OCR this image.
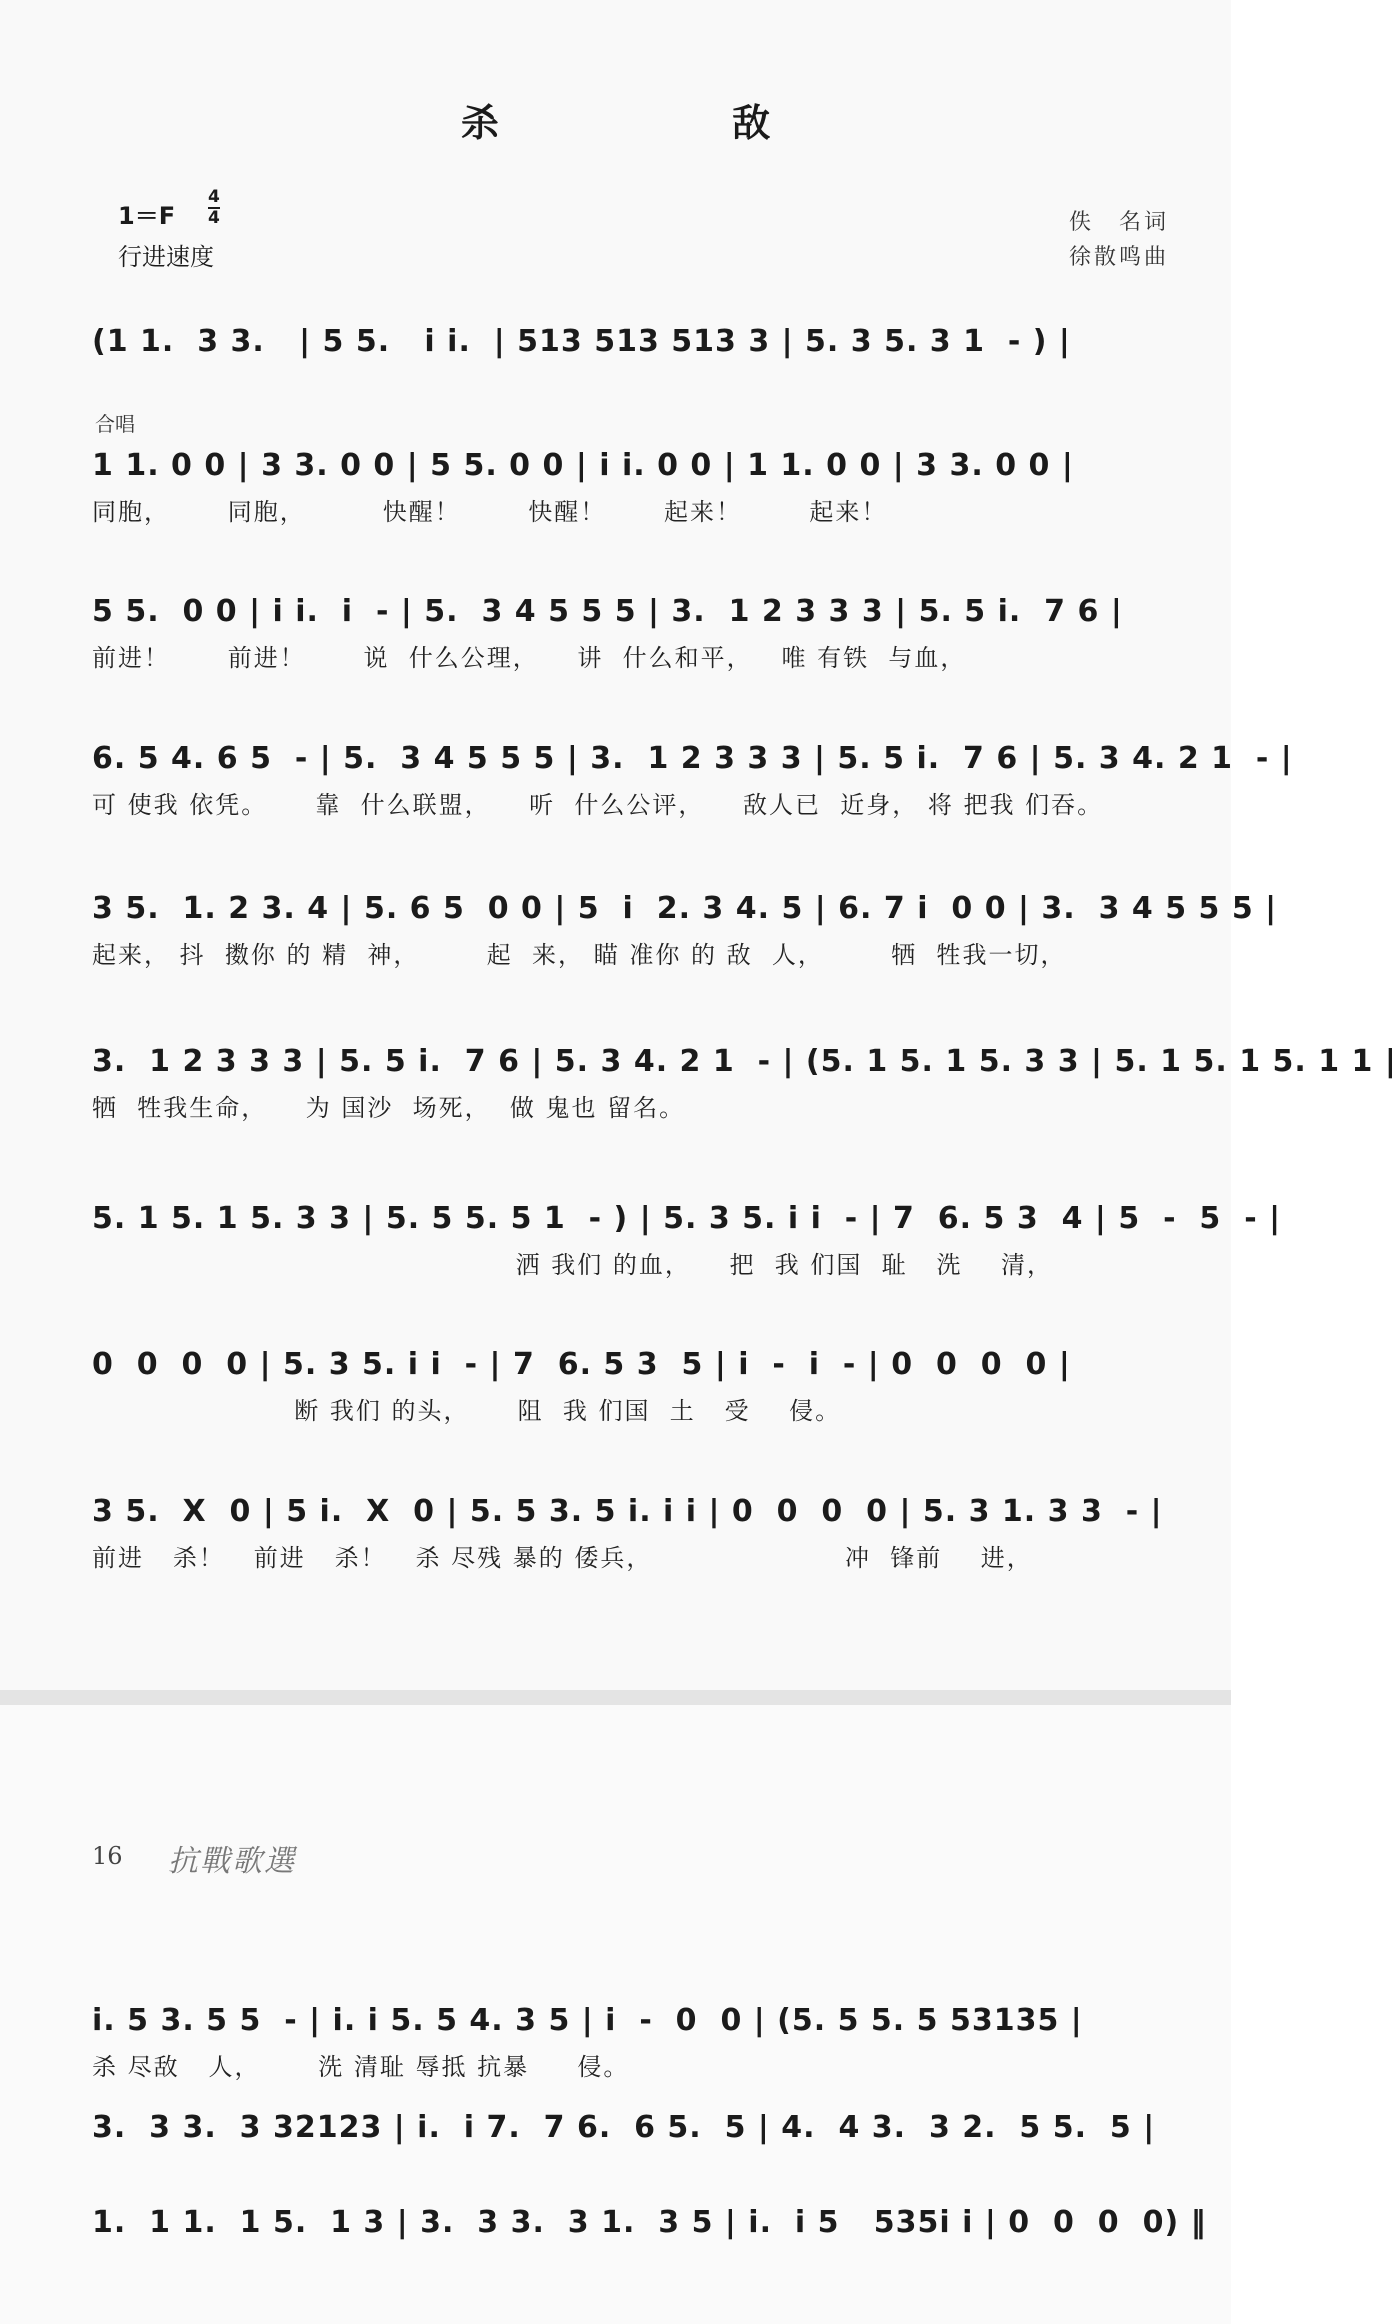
杀 敌
1＝F
4
4
行进速度
佚　名词
徐散鸣曲
合唱
(1 1.  3 3.   | 5 5.   i i.  | 513 513 513 3 | 5. 3 5. 3 1  - ) |
1 1. 0 0 | 3 3. 0 0 | 5 5. 0 0 | i i. 0 0 | 1 1. 0 0 | 3 3. 0 0 |
同胞，      同胞，        快醒！       快醒！      起来！       起来！
5 5.  0 0 | i i.  i  - | 5.  3 4 5 5 5 | 3.  1 2 3 3 3 | 5. 5 i.  7 6 |
前进！      前进！      说  什么公理，    讲  什么和平，   唯 有铁  与血，
6. 5 4. 6 5  - | 5.  3 4 5 5 5 | 3.  1 2 3 3 3 | 5. 5 i.  7 6 | 5. 3 4. 2 1  - |
可 使我 依凭。     靠  什么联盟，    听  什么公评，    敌人已  近身， 将 把我 们吞。
3 5.  1. 2 3. 4 | 5. 6 5  0 0 | 5  i  2. 3 4. 5 | 6. 7 i  0 0 | 3.  3 4 5 5 5 |
起来， 抖  擞你 的 精  神，       起  来， 瞄 准你 的 敌  人，       牺  牲我一切，
3.  1 2 3 3 3 | 5. 5 i.  7 6 | 5. 3 4. 2 1  - | (5. 1 5. 1 5. 3 3 | 5. 1 5. 1 5. 1 1 |
牺  牲我生命，    为 国沙  场死，  做 鬼也 留名。
5. 1 5. 1 5. 3 3 | 5. 5 5. 5 1  - ) | 5. 3 5. i i  - | 7  6. 5 3  4 | 5  -  5  - |
洒 我们 的血，    把  我 们国  耻   洗    清，
0  0  0  0 | 5. 3 5. i i  - | 7  6. 5 3  5 | i  -  i  - | 0  0  0  0 |
断 我们 的头，     阻  我 们国  土   受    侵。
3 5.  X  0 | 5 i.  X  0 | 5. 5 3. 5 i. i i | 0  0  0  0 | 5. 3 1. 3 3  - |
前进   杀！   前进   杀！   杀 尽残 暴的 倭兵，                    冲  锋前    进，
16 抗戰歌選
i. 5 3. 5 5  - | i. i 5. 5 4. 3 5 | i  -  0  0 | (5. 5 5. 5 53135 |
杀 尽敌   人，      洗 清耻 辱抵 抗暴     侵。
3.  3 3.  3 32123 | i.  i 7.  7 6.  6 5.  5 | 4.  4 3.  3 2.  5 5.  5 |
1.  1 1.  1 5.  1 3 | 3.  3 3.  3 1.  3 5 | i.  i 5   535i i | 0  0  0  0) ‖
